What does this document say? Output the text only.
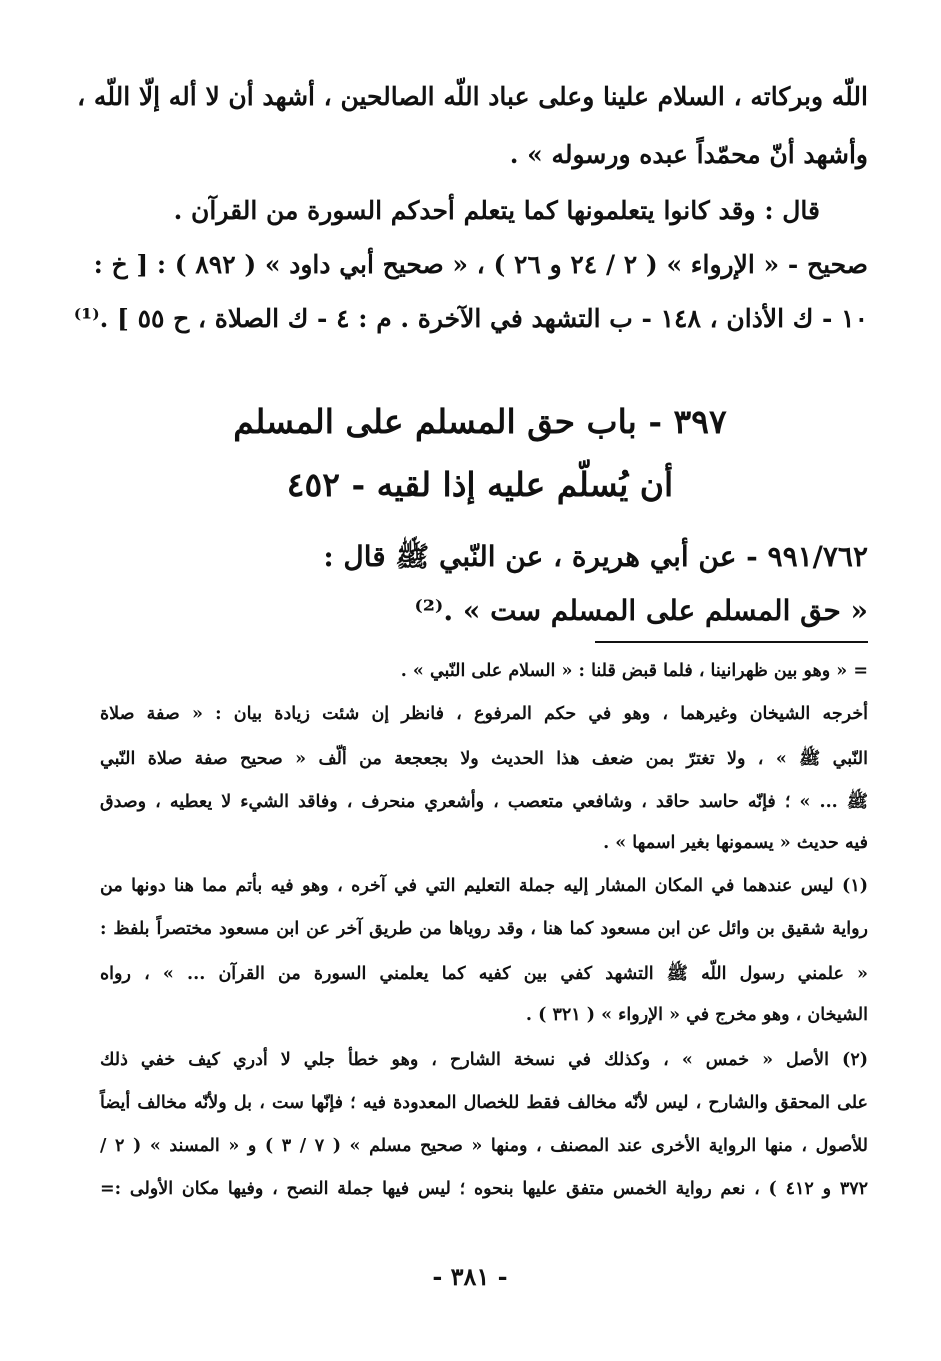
اللّه وبركاته ، السلام علينا وعلى عباد اللّه الصالحين ، أشهد أن لا أله إلّا اللّه ،
وأشهد أنّ محمّداً عبده ورسوله » .
قال : وقد كانوا يتعلمونها كما يتعلم أحدكم السورة من القرآن .
صحيح - « الإرواء » ( ٢ / ٢٤ و ٢٦ ) ، « صحيح أبي داود » ( ٨٩٢ ) : [ خ :
١٠ - ك الأذان ، ١٤٨ - ب التشهد في الآخرة . م : ٤ - ك الصلاة ، ح ٥٥ ] .⁽¹⁾
٣٩٧ - باب حق المسلم على المسلم
أن يُسلّم عليه إذا لقيه - ٤٥٢
٩٩١/٧٦٢ - عن أبي هريرة ، عن النّبي ﷺ قال :
« حق المسلم على المسلم ست » .⁽²⁾
= « وهو بين ظهرانينا ، فلما قبض قلنا : « السلام على النّبي » .
أخرجه الشيخان وغيرهما ، وهو في حكم المرفوع ، فانظر إن شئت زيادة بيان : « صفة صلاة
النّبي ﷺ » ، ولا تغترّ بمن ضعف هذا الحديث ولا بجعجعة من ألّف « صحيح صفة صلاة النّبي
ﷺ ... » ؛ فإنّه حاسد حاقد ، وشافعي متعصب ، وأشعري منحرف ، وفاقد الشيء لا يعطيه ، وصدق
فيه حديث « يسمونها بغير اسمها » .
(١) ليس عندهما في المكان المشار إليه جملة التعليم التي في آخره ، وهو فيه بأتم مما هنا دونها من
رواية شقيق بن وائل عن ابن مسعود كما هنا ، وقد روياها من طريق آخر عن ابن مسعود مختصراً بلفظ :
« علمني رسول اللّه ﷺ التشهد كفي بين كفيه كما يعلمني السورة من القرآن ... » ، رواه
الشيخان ، وهو مخرج في « الإرواء » ( ٣٢١ ) .
(٢) الأصل « خمس » ، وكذلك في نسخة الشارح ، وهو خطأ جلي لا أدري كيف خفي ذلك
على المحقق والشارح ، ليس لأنّه مخالف فقط للخصال المعدودة فيه ؛ فإنّها ست ، بل ولأنّه مخالف أيضاً
للأصول ، منها الرواية الأخرى عند المصنف ، ومنها « صحيح مسلم » ( ٧ / ٣ ) و « المسند » ( ٢ /
٣٧٢ و ٤١٢ ) ، نعم رواية الخمس متفق عليها بنحوه ؛ ليس فيها جملة النصح ، وفيها مكان الأولى :=
- ٣٨١ -
